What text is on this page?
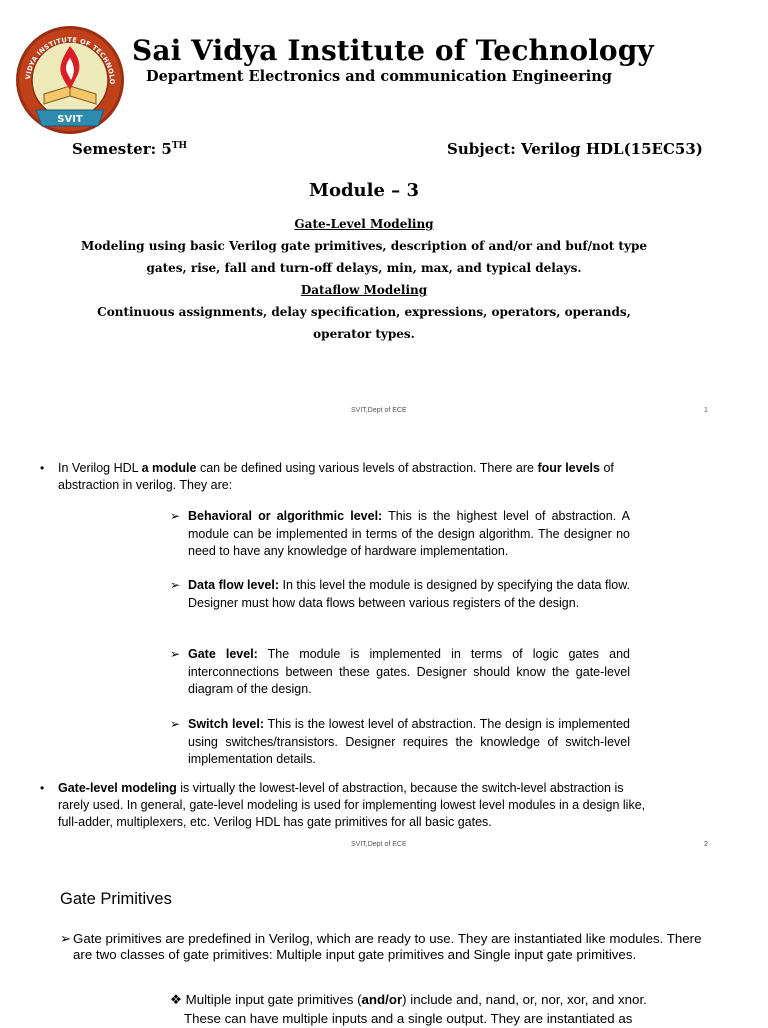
VIDYA INSTITUTE OF TECHNOLO
SVIT
Sai Vidya Institute of Technology
Department Electronics and communication Engineering
Semester: 5TH	Subject: Verilog HDL(15EC53)
Module – 3
Gate-Level Modeling
Modeling using basic Verilog gate primitives, description of and/or and buf/not type
gates, rise, fall and turn-off delays, min, max, and typical delays.
Dataflow Modeling
Continuous assignments, delay specification, expressions, operators, operands,
operator types.
SVIT,Dept of ECE	1
• In Verilog HDL a module can be defined using various levels of abstraction. There are four levels of
abstraction in verilog. They are:
➢ Behavioral or algorithmic level: This is the highest level of abstraction. A module can be implemented in terms of the design algorithm. The designer no need to have any knowledge of hardware implementation.
➢ Data flow level: In this level the module is designed by specifying the data flow. Designer must how data flows between various registers of the design.
➢ Gate level: The module is implemented in terms of logic gates and interconnections between these gates. Designer should know the gate-level diagram of the design.
➢ Switch level: This is the lowest level of abstraction. The design is implemented using switches/transistors. Designer requires the knowledge of switch-level implementation details.
• Gate-level modeling is virtually the lowest-level of abstraction, because the switch-level abstraction is
rarely used. In general, gate-level modeling is used for implementing lowest level modules in a design like,
full-adder, multiplexers, etc. Verilog HDL has gate primitives for all basic gates.
SVIT,Dept of ECE	2
Gate Primitives
➢ Gate primitives are predefined in Verilog, which are ready to use. They are instantiated like modules. There are two classes of gate primitives: Multiple input gate primitives and Single input gate primitives.
❖ Multiple input gate primitives (and/or) include and, nand, or, nor, xor, and xnor.
These can have multiple inputs and a single output. They are instantiated as
